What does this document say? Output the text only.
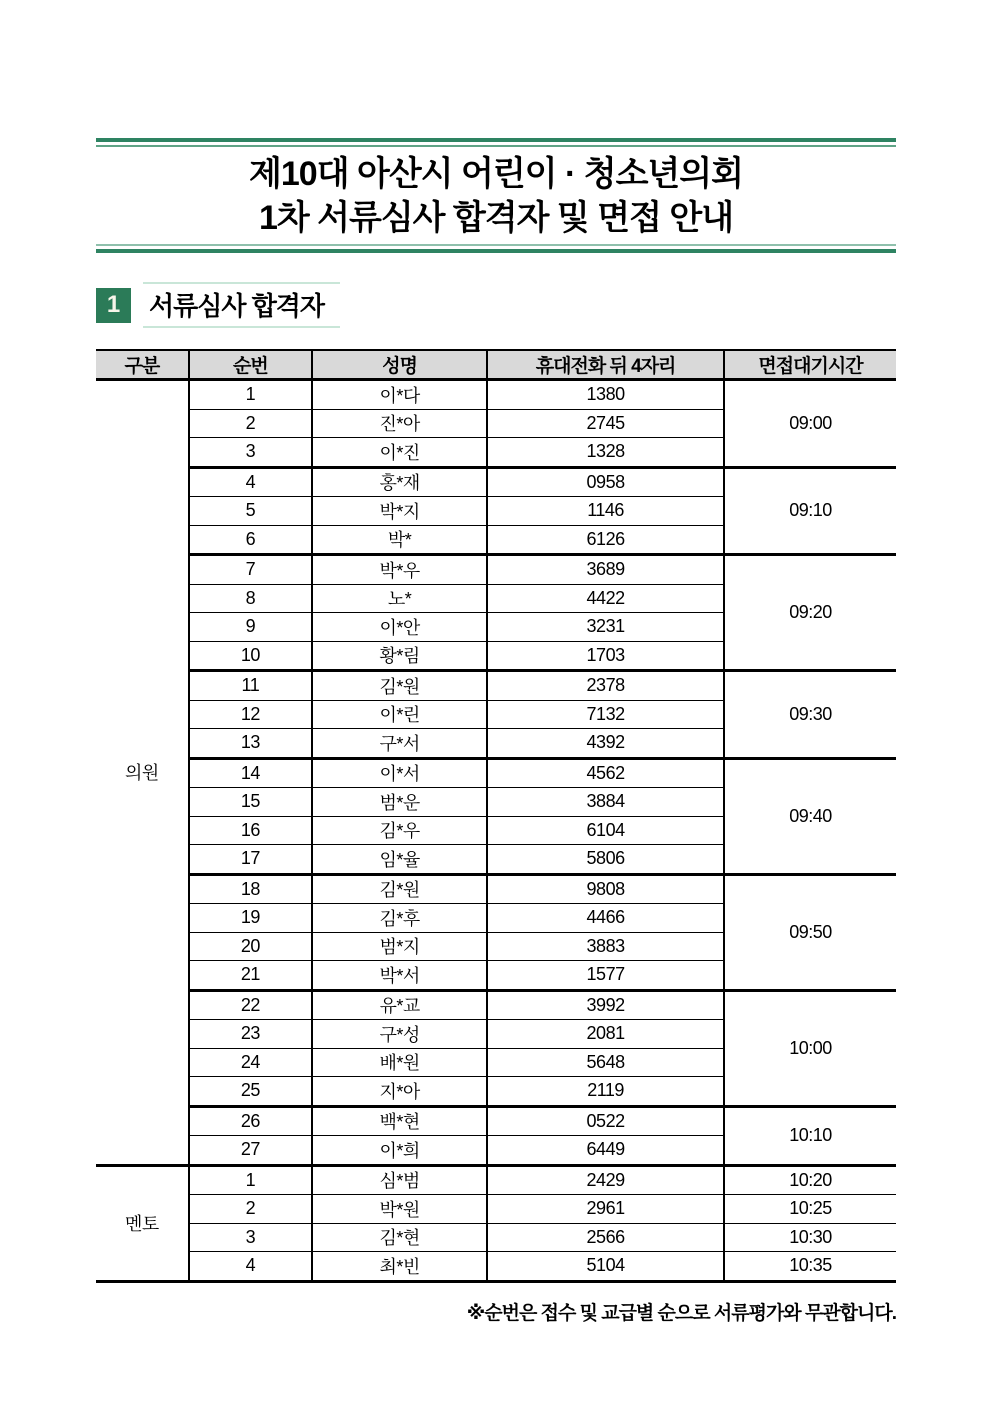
제10대 아산시 어린이 · 청소년의회
1차 서류심사 합격자 및 면접 안내
1	서류심사 합격자
구분	순번	성명	휴대전화 뒤 4자리	면접대기시간
의원	1	이*다	1380	09:00
	2	진*아	2745	
	3	이*진	1328	
	4	홍*재	0958	09:10
	5	박*지	1146	
	6	박*	6126	
	7	박*우	3689	09:20
	8	노*	4422	
	9	이*안	3231	
	10	황*림	1703	
	11	김*원	2378	09:30
	12	이*린	7132	
	13	구*서	4392	
	14	이*서	4562	09:40
	15	범*운	3884	
	16	김*우	6104	
	17	임*율	5806	
	18	김*원	9808	09:50
	19	김*후	4466	
	20	범*지	3883	
	21	박*서	1577	
	22	유*교	3992	10:00
	23	구*성	2081	
	24	배*원	5648	
	25	지*아	2119	
	26	백*현	0522	10:10
	27	이*희	6449	
멘토	1	심*범	2429	10:20
	2	박*원	2961	10:25
	3	김*현	2566	10:30
	4	최*빈	5104	10:35
※순번은 접수 및 교급별 순으로 서류평가와 무관합니다.
